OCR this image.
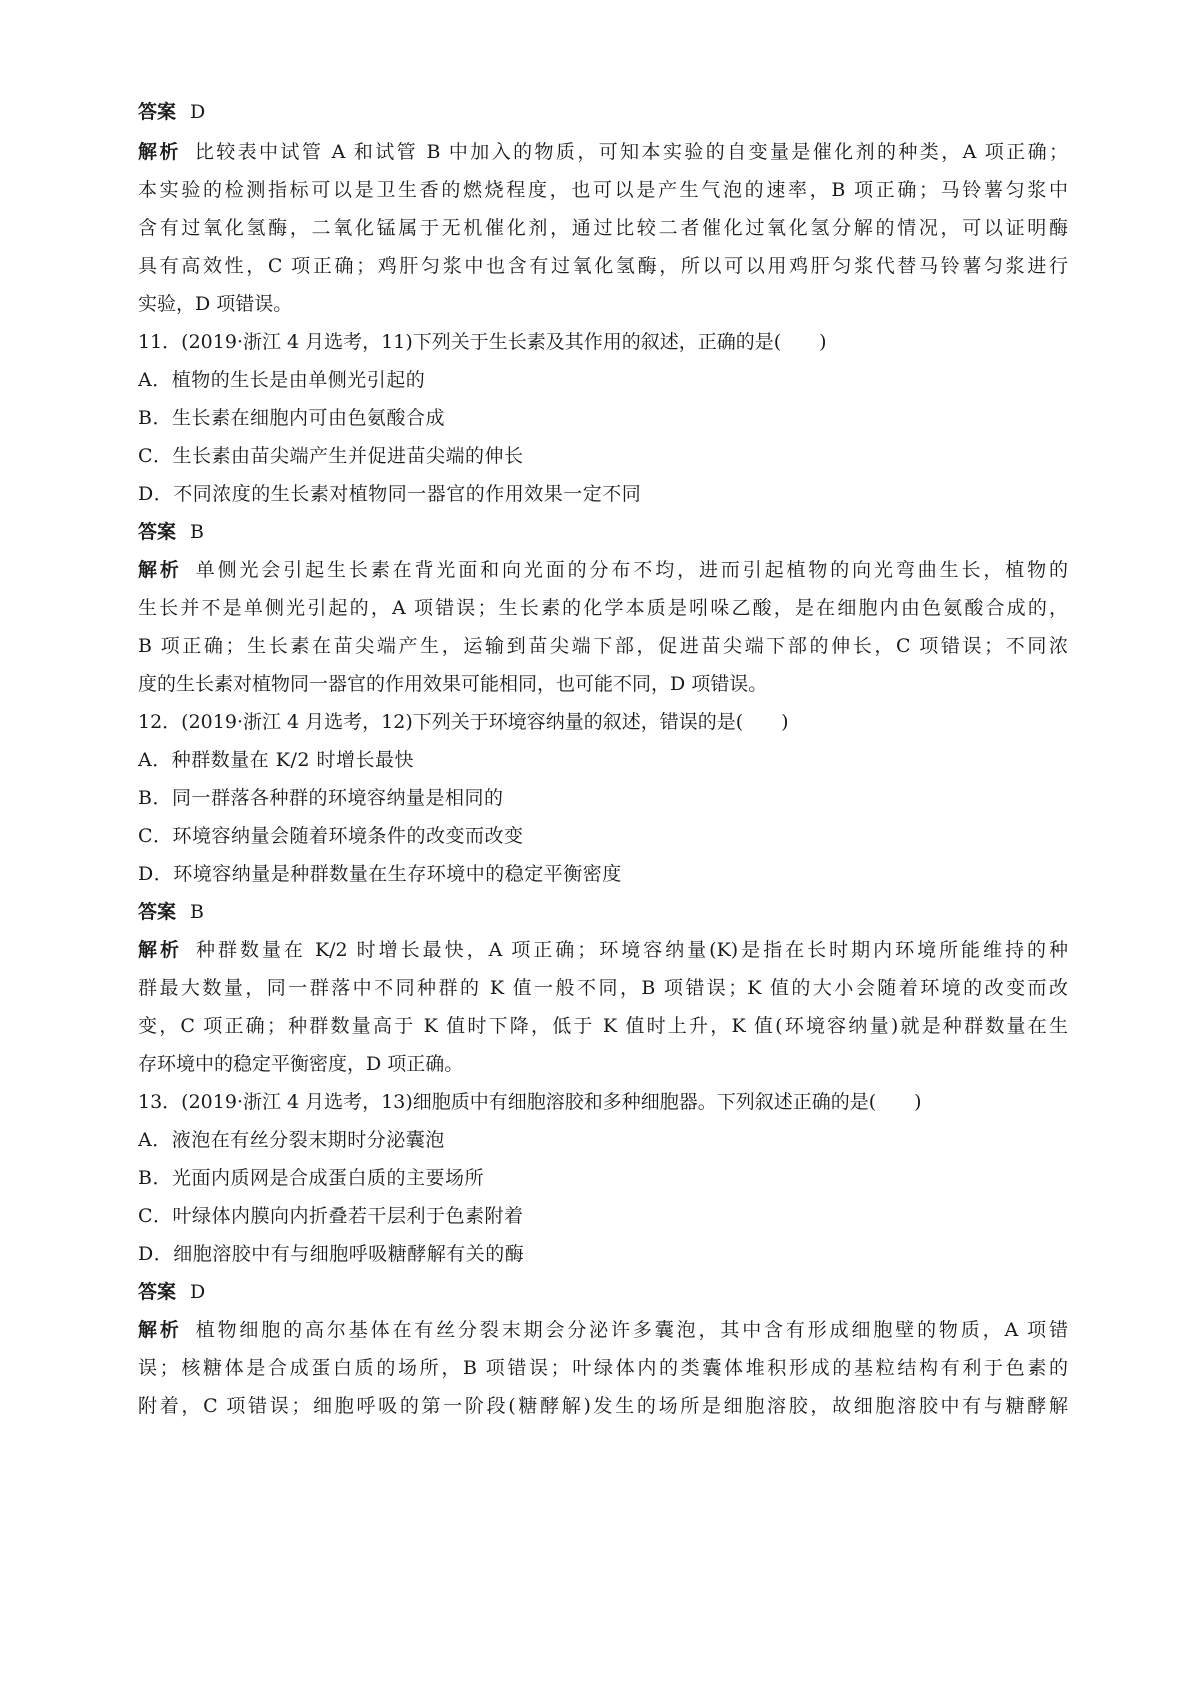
答案 D
解析 比较表中试管 A 和试管 B 中加入的物质，可知本实验的自变量是催化剂的种类，A 项正确；
本实验的检测指标可以是卫生香的燃烧程度，也可以是产生气泡的速率，B 项正确；马铃薯匀浆中
含有过氧化氢酶，二氧化锰属于无机催化剂，通过比较二者催化过氧化氢分解的情况，可以证明酶
具有高效性，C 项正确；鸡肝匀浆中也含有过氧化氢酶，所以可以用鸡肝匀浆代替马铃薯匀浆进行
实验，D 项错误。
11．(2019·浙江 4 月选考，11)下列关于生长素及其作用的叙述，正确的是(　　)
A．植物的生长是由单侧光引起的
B．生长素在细胞内可由色氨酸合成
C．生长素由苗尖端产生并促进苗尖端的伸长
D．不同浓度的生长素对植物同一器官的作用效果一定不同
答案 B
解析 单侧光会引起生长素在背光面和向光面的分布不均，进而引起植物的向光弯曲生长，植物的
生长并不是单侧光引起的，A 项错误；生长素的化学本质是吲哚乙酸，是在细胞内由色氨酸合成的，
B 项正确；生长素在苗尖端产生，运输到苗尖端下部，促进苗尖端下部的伸长，C 项错误；不同浓
度的生长素对植物同一器官的作用效果可能相同，也可能不同，D 项错误。
12．(2019·浙江 4 月选考，12)下列关于环境容纳量的叙述，错误的是(　　)
A．种群数量在 K/2 时增长最快
B．同一群落各种群的环境容纳量是相同的
C．环境容纳量会随着环境条件的改变而改变
D．环境容纳量是种群数量在生存环境中的稳定平衡密度
答案 B
解析 种群数量在 K/2 时增长最快，A 项正确；环境容纳量(K)是指在长时期内环境所能维持的种
群最大数量，同一群落中不同种群的 K 值一般不同，B 项错误；K 值的大小会随着环境的改变而改
变，C 项正确；种群数量高于 K 值时下降，低于 K 值时上升，K 值(环境容纳量)就是种群数量在生
存环境中的稳定平衡密度，D 项正确。
13．(2019·浙江 4 月选考，13)细胞质中有细胞溶胶和多种细胞器。下列叙述正确的是(　　)
A．液泡在有丝分裂末期时分泌囊泡
B．光面内质网是合成蛋白质的主要场所
C．叶绿体内膜向内折叠若干层利于色素附着
D．细胞溶胶中有与细胞呼吸糖酵解有关的酶
答案 D
解析 植物细胞的高尔基体在有丝分裂末期会分泌许多囊泡，其中含有形成细胞壁的物质，A 项错
误；核糖体是合成蛋白质的场所，B 项错误；叶绿体内的类囊体堆积形成的基粒结构有利于色素的
附着，C 项错误；细胞呼吸的第一阶段(糖酵解)发生的场所是细胞溶胶，故细胞溶胶中有与糖酵解
